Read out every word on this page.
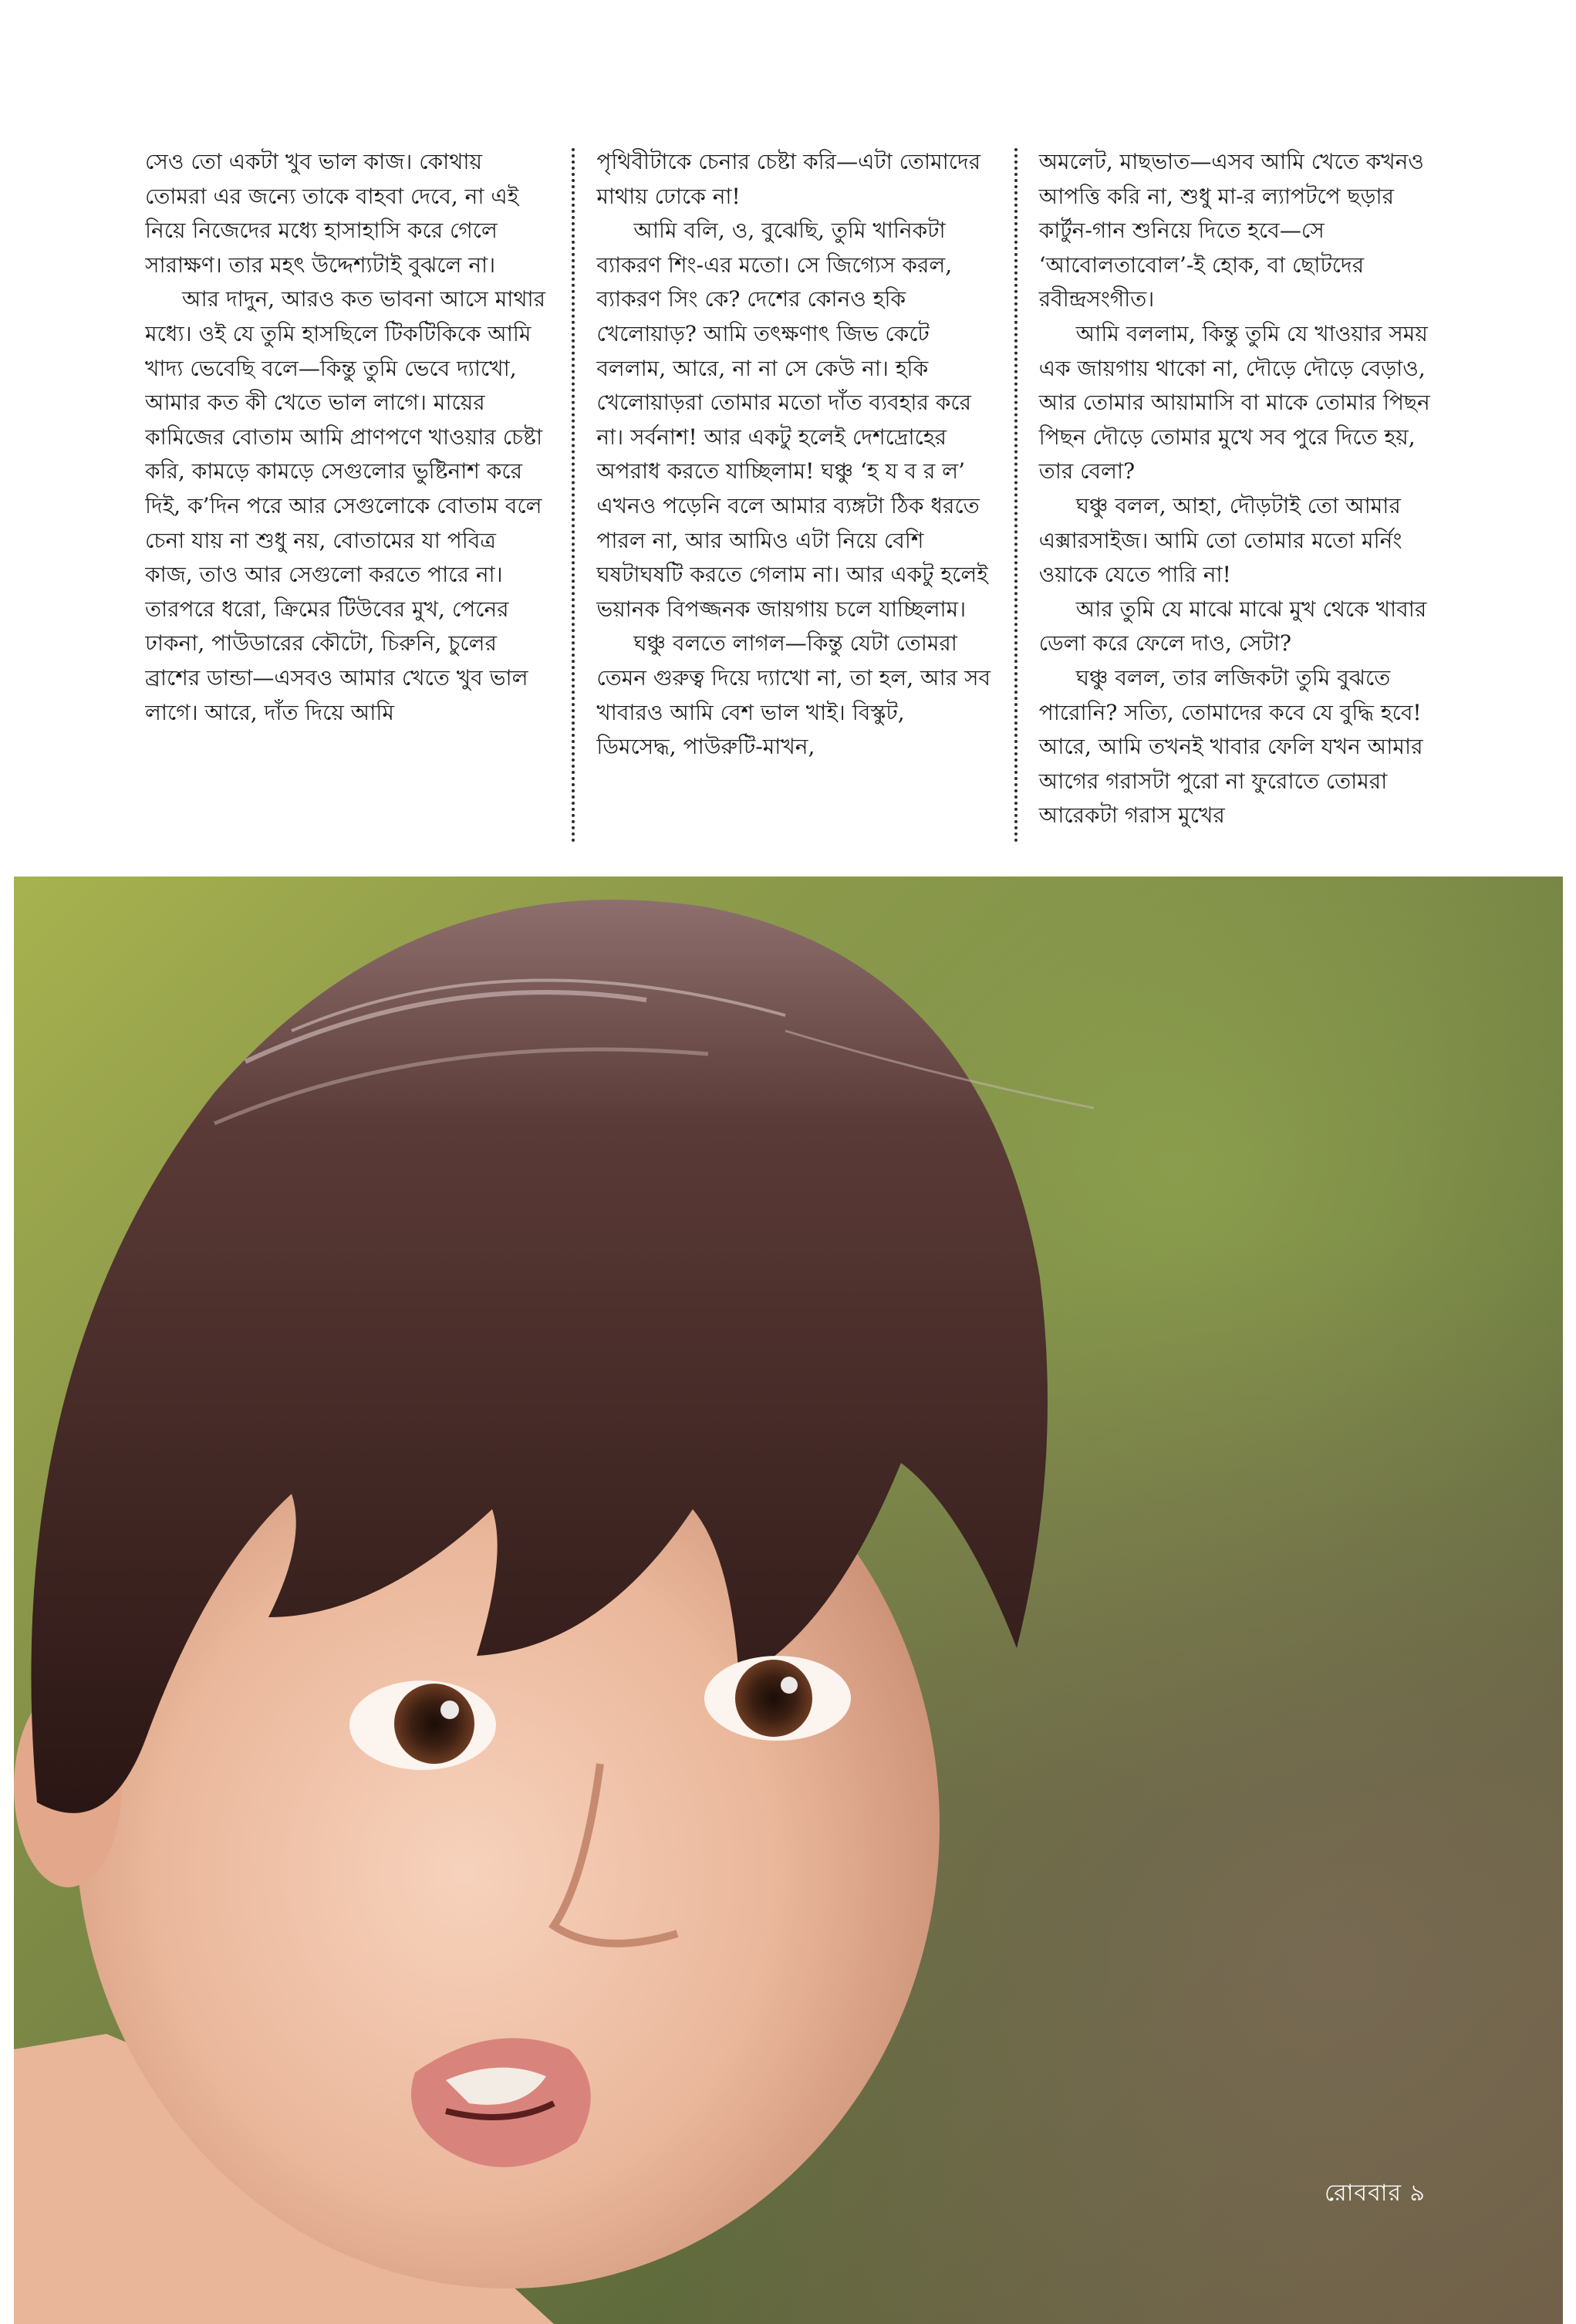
সেও তো একটা খুব ভাল কাজ। কোথায় তোমরা এর জন্যে তাকে বাহবা দেবে, না এই নিয়ে নিজেদের মধ্যে হাসাহাসি করে গেলে সারাক্ষণ। তার মহৎ উদ্দেশ্যটাই বুঝলে না।

আর দাদুন, আরও কত ভাবনা আসে মাথার মধ্যে। ওই যে তুমি হাসছিলে টিকটিকিকে আমি খাদ্য ভেবেছি বলে—কিন্তু তুমি ভেবে দ্যাখো, আমার কত কী খেতে ভাল লাগে। মায়ের কামিজের বোতাম আমি প্রাণপণে খাওয়ার চেষ্টা করি, কামড়ে কামড়ে সেগুলোর ভুষ্টিনাশ করে দিই, ক’দিন পরে আর সেগুলোকে বোতাম বলে চেনা যায় না শুধু নয়, বোতামের যা পবিত্র কাজ, তাও আর সেগুলো করতে পারে না। তারপরে ধরো, ক্রিমের টিউবের মুখ, পেনের ঢাকনা, পাউডারের কৌটো, চিরুনি, চুলের ব্রাশের ডান্ডা—এসবও আমার খেতে খুব ভাল লাগে। আরে, দাঁত দিয়ে আমি

পৃথিবীটাকে চেনার চেষ্টা করি—এটা তোমাদের মাথায় ঢোকে না!

আমি বলি, ও, বুঝেছি, তুমি খানিকটা ব্যাকরণ শিং-এর মতো। সে জিগ্যেস করল, ব্যাকরণ সিং কে? দেশের কোনও হকি খেলোয়াড়? আমি তৎক্ষণাৎ জিভ কেটে বললাম, আরে, না না সে কেউ না। হকি খেলোয়াড়রা তোমার মতো দাঁত ব্যবহার করে না। সর্বনাশ! আর একটু হলেই দেশদ্রোহের অপরাধ করতে যাচ্ছিলাম! ঘঞ্চু ‘হ য ব র ল’ এখনও পড়েনি বলে আমার ব্যঙ্গটা ঠিক ধরতে পারল না, আর আমিও এটা নিয়ে বেশি ঘষটাঘষটি করতে গেলাম না। আর একটু হলেই ভয়ানক বিপজ্জনক জায়গায় চলে যাচ্ছিলাম।

ঘঞ্চু বলতে লাগল—কিন্তু যেটা তোমরা তেমন গুরুত্ব দিয়ে দ্যাখো না, তা হল, আর সব খাবারও আমি বেশ ভাল খাই। বিস্কুট, ডিমসেদ্ধ, পাউরুটি-মাখন,

অমলেট, মাছভাত—এসব আমি খেতে কখনও আপত্তি করি না, শুধু মা-র ল্যাপটপে ছড়ার কার্টুন-গান শুনিয়ে দিতে হবে—সে ‘আবোলতাবোল’-ই হোক, বা ছোটদের রবীন্দ্রসংগীত।

আমি বললাম, কিন্তু তুমি যে খাওয়ার সময় এক জায়গায় থাকো না, দৌড়ে দৌড়ে বেড়াও, আর তোমার আয়ামাসি বা মাকে তোমার পিছন পিছন দৌড়ে তোমার মুখে সব পুরে দিতে হয়, তার বেলা?

ঘঞ্চু বলল, আহা, দৌড়টাই তো আমার এক্সারসাইজ। আমি তো তোমার মতো মর্নিং ওয়াকে যেতে পারি না!

আর তুমি যে মাঝে মাঝে মুখ থেকে খাবার ডেলা করে ফেলে দাও, সেটা?

ঘঞ্চু বলল, তার লজিকটা তুমি বুঝতে পারোনি? সত্যি, তোমাদের কবে যে বুদ্ধি হবে! আরে, আমি তখনই খাবার ফেলি যখন আমার আগের গরাসটা পুরো না ফুরোতে তোমরা আরেকটা গরাস মুখের

রোববার ৯
